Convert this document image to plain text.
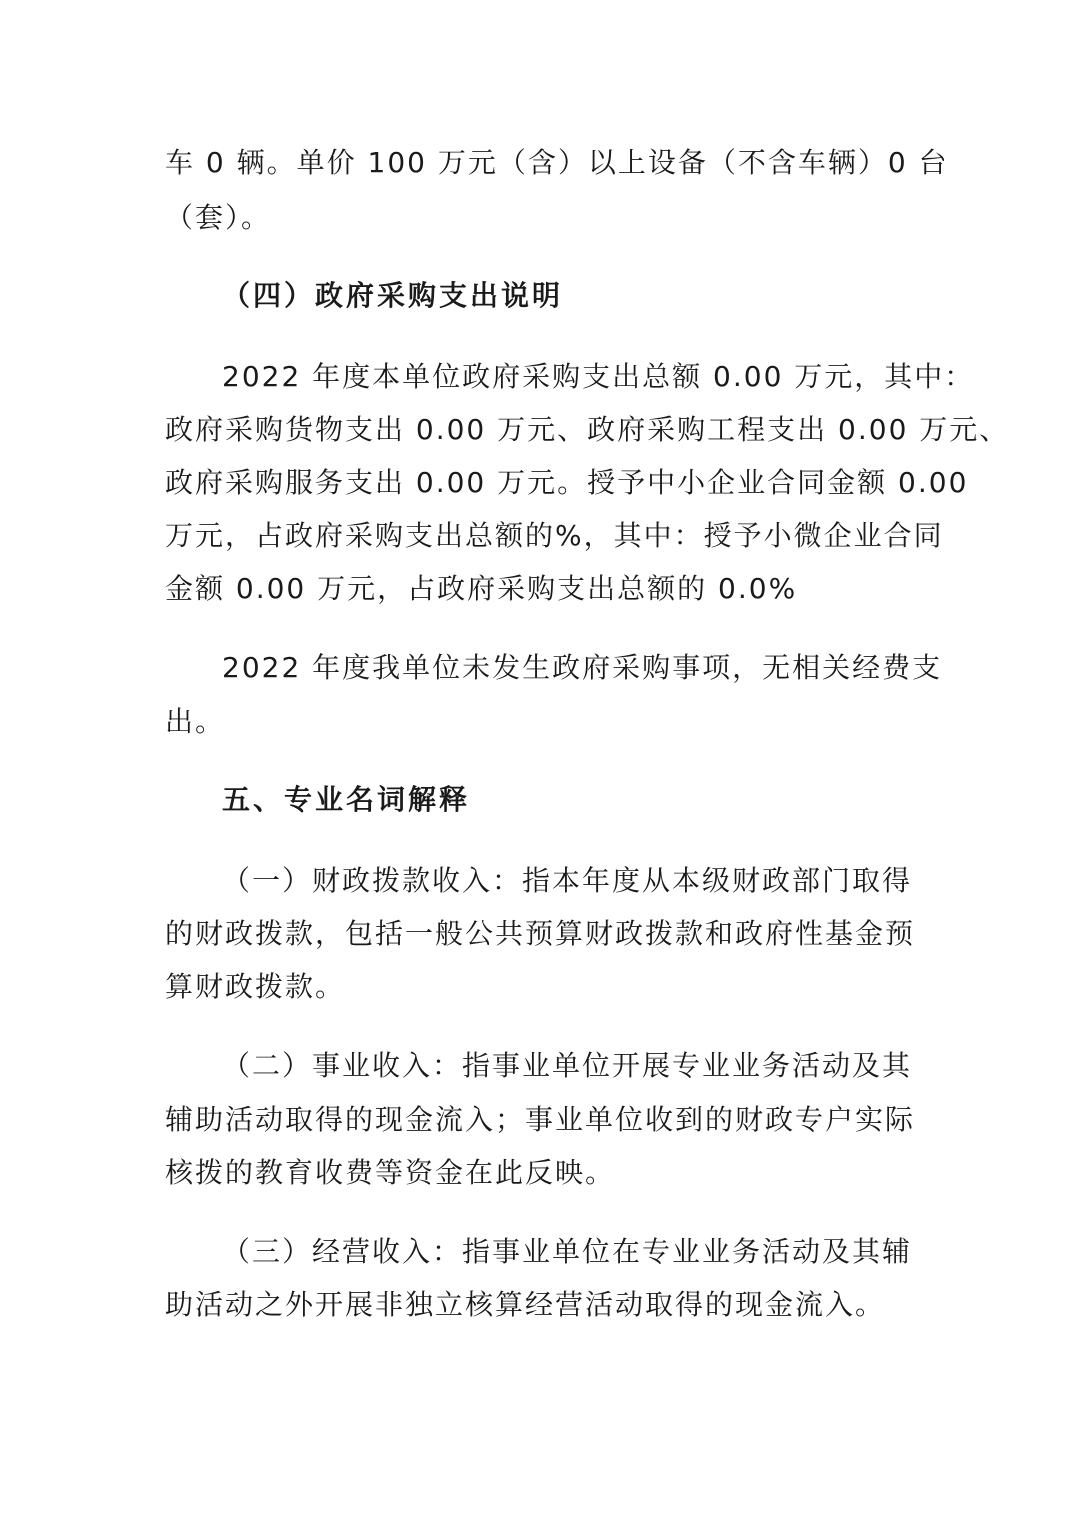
车 0 辆。单价 100 万元（含）以上设备（不含车辆）0 台
（套）。
（四）政府采购支出说明
2022 年度本单位政府采购支出总额 0.00 万元，其中：
政府采购货物支出 0.00 万元、政府采购工程支出 0.00 万元、
政府采购服务支出 0.00 万元。授予中小企业合同金额 0.00
万元，占政府采购支出总额的%，其中：授予小微企业合同
金额 0.00 万元，占政府采购支出总额的 0.0%
2022 年度我单位未发生政府采购事项，无相关经费支
出。
五、专业名词解释
（一）财政拨款收入：指本年度从本级财政部门取得
的财政拨款，包括一般公共预算财政拨款和政府性基金预
算财政拨款。
（二）事业收入：指事业单位开展专业业务活动及其
辅助活动取得的现金流入；事业单位收到的财政专户实际
核拨的教育收费等资金在此反映。
（三）经营收入：指事业单位在专业业务活动及其辅
助活动之外开展非独立核算经营活动取得的现金流入。
